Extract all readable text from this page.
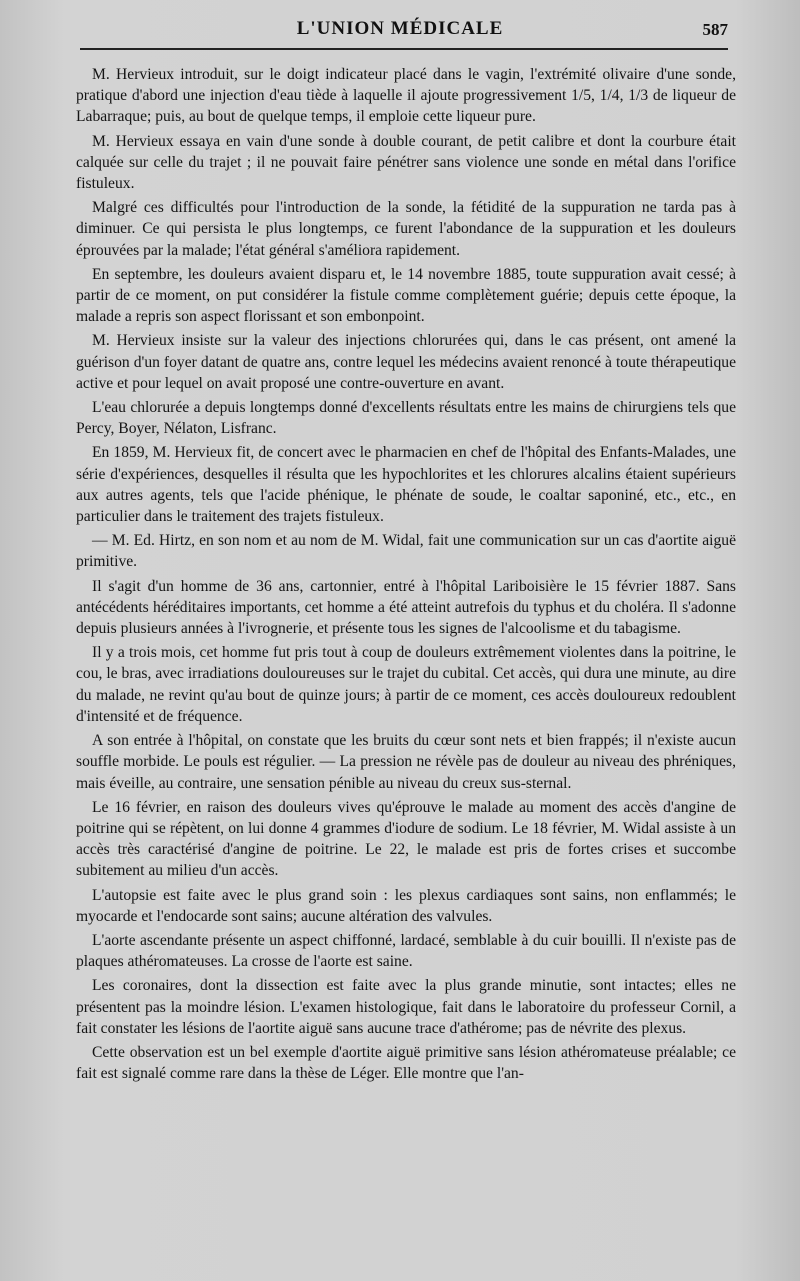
L'UNION MÉDICALE	587

M. Hervieux introduit, sur le doigt indicateur placé dans le vagin, l'extrémité olivaire d'une sonde, pratique d'abord une injection d'eau tiède à laquelle il ajoute progressivement 1/5, 1/4, 1/3 de liqueur de Labarraque; puis, au bout de quelque temps, il emploie cette liqueur pure.

M. Hervieux essaya en vain d'une sonde à double courant, de petit calibre et dont la courbure était calquée sur celle du trajet ; il ne pouvait faire pénétrer sans violence une sonde en métal dans l'orifice fistuleux.

Malgré ces difficultés pour l'introduction de la sonde, la fétidité de la suppuration ne tarda pas à diminuer. Ce qui persista le plus longtemps, ce furent l'abondance de la suppuration et les douleurs éprouvées par la malade; l'état général s'améliora rapidement.

En septembre, les douleurs avaient disparu et, le 14 novembre 1885, toute suppuration avait cessé; à partir de ce moment, on put considérer la fistule comme complètement guérie; depuis cette époque, la malade a repris son aspect florissant et son embonpoint.

M. Hervieux insiste sur la valeur des injections chlorurées qui, dans le cas présent, ont amené la guérison d'un foyer datant de quatre ans, contre lequel les médecins avaient renoncé à toute thérapeutique active et pour lequel on avait proposé une contre-ouverture en avant.

L'eau chlorurée a depuis longtemps donné d'excellents résultats entre les mains de chirurgiens tels que Percy, Boyer, Nélaton, Lisfranc.

En 1859, M. Hervieux fit, de concert avec le pharmacien en chef de l'hôpital des Enfants-Malades, une série d'expériences, desquelles il résulta que les hypochlorites et les chlorures alcalins étaient supérieurs aux autres agents, tels que l'acide phénique, le phénate de soude, le coaltar saponiné, etc., etc., en particulier dans le traitement des trajets fistuleux.

— M. Ed. Hirtz, en son nom et au nom de M. Widal, fait une communication sur un cas d'aortite aiguë primitive.

Il s'agit d'un homme de 36 ans, cartonnier, entré à l'hôpital Lariboisière le 15 février 1887. Sans antécédents héréditaires importants, cet homme a été atteint autrefois du typhus et du choléra. Il s'adonne depuis plusieurs années à l'ivrognerie, et présente tous les signes de l'alcoolisme et du tabagisme.

Il y a trois mois, cet homme fut pris tout à coup de douleurs extrêmement violentes dans la poitrine, le cou, le bras, avec irradiations douloureuses sur le trajet du cubital. Cet accès, qui dura une minute, au dire du malade, ne revint qu'au bout de quinze jours; à partir de ce moment, ces accès douloureux redoublent d'intensité et de fréquence.

A son entrée à l'hôpital, on constate que les bruits du cœur sont nets et bien frappés; il n'existe aucun souffle morbide. Le pouls est régulier. — La pression ne révèle pas de douleur au niveau des phréniques, mais éveille, au contraire, une sensation pénible au niveau du creux sus-sternal.

Le 16 février, en raison des douleurs vives qu'éprouve le malade au moment des accès d'angine de poitrine qui se répètent, on lui donne 4 grammes d'iodure de sodium. Le 18 février, M. Widal assiste à un accès très caractérisé d'angine de poitrine. Le 22, le malade est pris de fortes crises et succombe subitement au milieu d'un accès.

L'autopsie est faite avec le plus grand soin : les plexus cardiaques sont sains, non enflammés; le myocarde et l'endocarde sont sains; aucune altération des valvules.

L'aorte ascendante présente un aspect chiffonné, lardacé, semblable à du cuir bouilli. Il n'existe pas de plaques athéromateuses. La crosse de l'aorte est saine.

Les coronaires, dont la dissection est faite avec la plus grande minutie, sont intactes; elles ne présentent pas la moindre lésion. L'examen histologique, fait dans le laboratoire du professeur Cornil, a fait constater les lésions de l'aortite aiguë sans aucune trace d'athérome; pas de névrite des plexus.

Cette observation est un bel exemple d'aortite aiguë primitive sans lésion athéromateuse préalable; ce fait est signalé comme rare dans la thèse de Léger. Elle montre que l'an-
